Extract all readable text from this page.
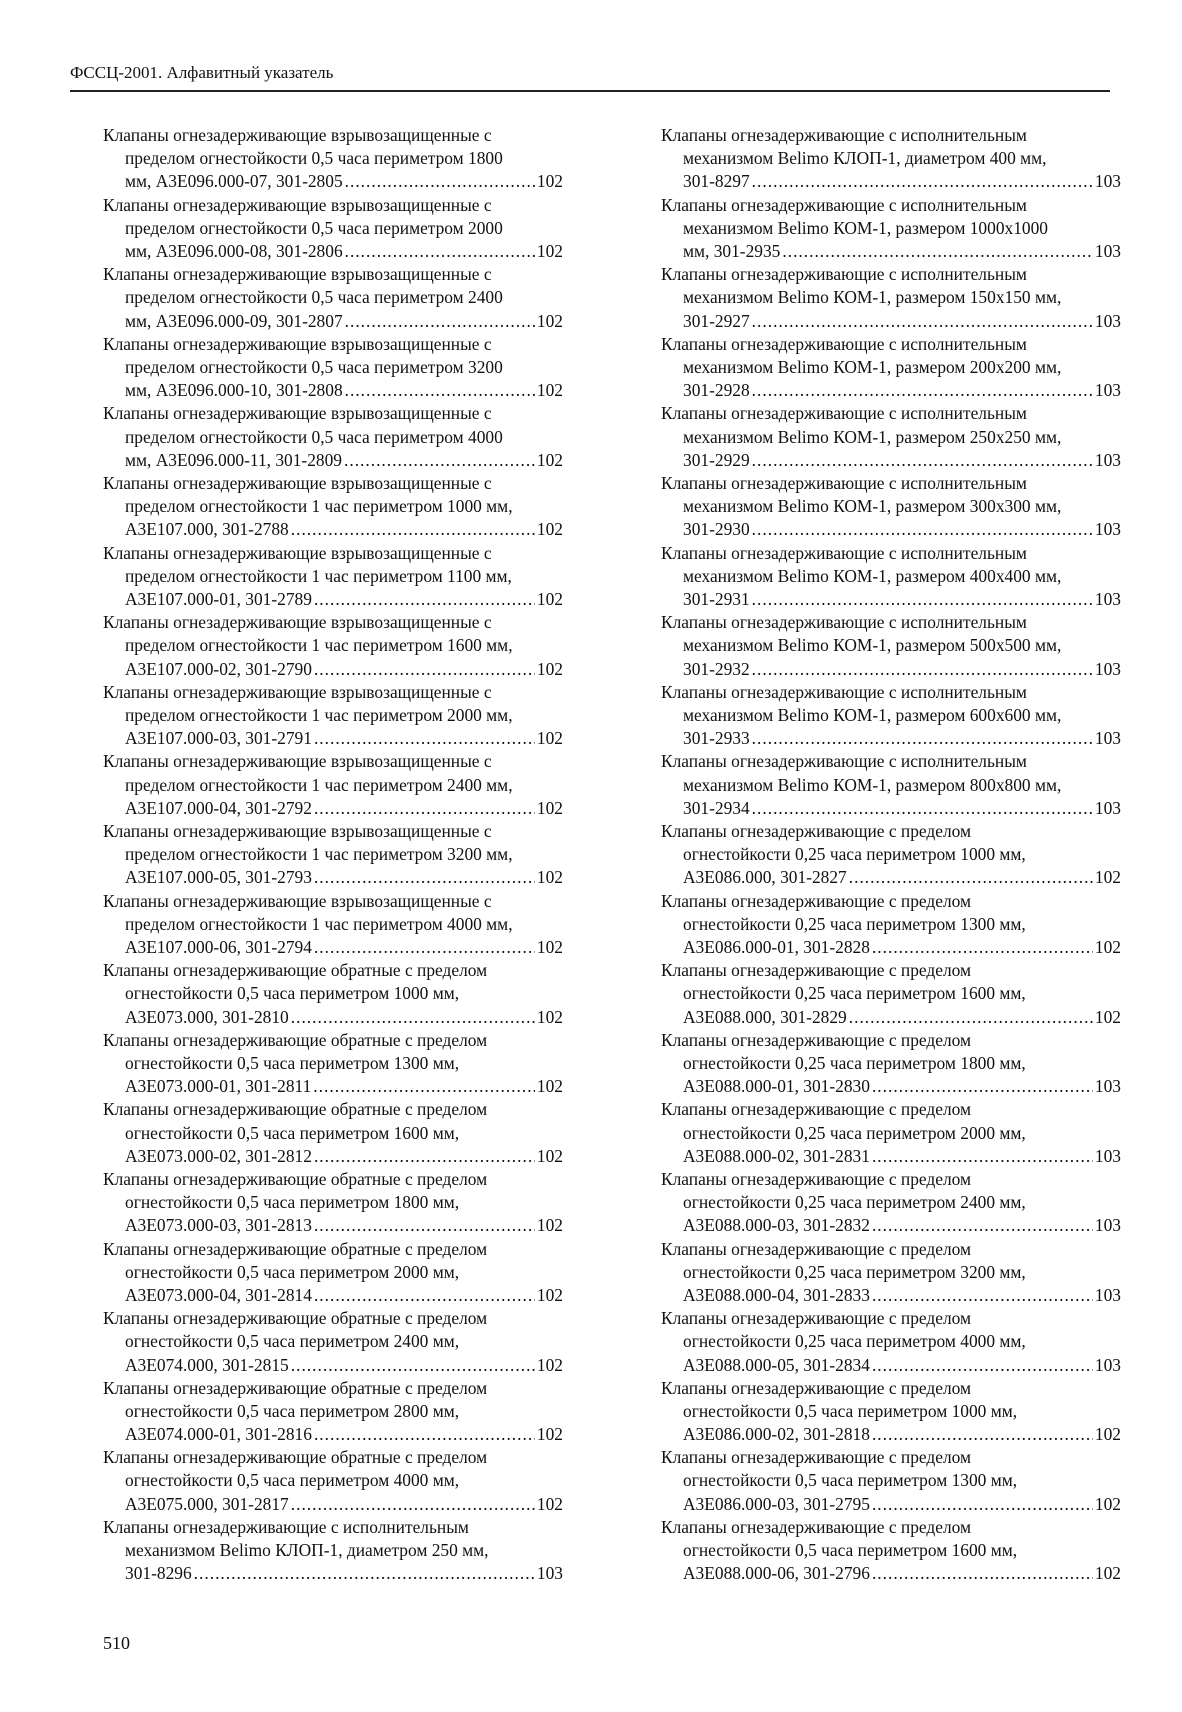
ФССЦ-2001. Алфавитный указатель
Клапаны огнезадерживающие взрывозащищенные с
пределом огнестойкости 0,5 часа периметром 1800
мм, А3Е096.000-07, 301-2805 .....	102
Клапаны огнезадерживающие взрывозащищенные с
пределом огнестойкости 0,5 часа периметром 2000
мм, А3Е096.000-08, 301-2806 .....	102
Клапаны огнезадерживающие взрывозащищенные с
пределом огнестойкости 0,5 часа периметром 2400
мм, А3Е096.000-09, 301-2807 .....	102
Клапаны огнезадерживающие взрывозащищенные с
пределом огнестойкости 0,5 часа периметром 3200
мм, А3Е096.000-10, 301-2808 .....	102
Клапаны огнезадерживающие взрывозащищенные с
пределом огнестойкости 0,5 часа периметром 4000
мм, А3Е096.000-11, 301-2809 .....	102
Клапаны огнезадерживающие взрывозащищенные с
пределом огнестойкости 1 час периметром 1000 мм,
А3Е107.000, 301-2788 .....	102
Клапаны огнезадерживающие взрывозащищенные с
пределом огнестойкости 1 час периметром 1100 мм,
А3Е107.000-01, 301-2789 .....	102
Клапаны огнезадерживающие взрывозащищенные с
пределом огнестойкости 1 час периметром 1600 мм,
А3Е107.000-02, 301-2790 .....	102
Клапаны огнезадерживающие взрывозащищенные с
пределом огнестойкости 1 час периметром 2000 мм,
А3Е107.000-03, 301-2791 .....	102
Клапаны огнезадерживающие взрывозащищенные с
пределом огнестойкости 1 час периметром 2400 мм,
А3Е107.000-04, 301-2792 .....	102
Клапаны огнезадерживающие взрывозащищенные с
пределом огнестойкости 1 час периметром 3200 мм,
А3Е107.000-05, 301-2793 .....	102
Клапаны огнезадерживающие взрывозащищенные с
пределом огнестойкости 1 час периметром 4000 мм,
А3Е107.000-06, 301-2794 .....	102
Клапаны огнезадерживающие обратные с пределом
огнестойкости 0,5 часа периметром 1000 мм,
А3Е073.000, 301-2810 .....	102
Клапаны огнезадерживающие обратные с пределом
огнестойкости 0,5 часа периметром 1300 мм,
А3Е073.000-01, 301-2811 .....	102
Клапаны огнезадерживающие обратные с пределом
огнестойкости 0,5 часа периметром 1600 мм,
А3Е073.000-02, 301-2812 .....	102
Клапаны огнезадерживающие обратные с пределом
огнестойкости 0,5 часа периметром 1800 мм,
А3Е073.000-03, 301-2813 .....	102
Клапаны огнезадерживающие обратные с пределом
огнестойкости 0,5 часа периметром 2000 мм,
А3Е073.000-04, 301-2814 .....	102
Клапаны огнезадерживающие обратные с пределом
огнестойкости 0,5 часа периметром 2400 мм,
А3Е074.000, 301-2815 .....	102
Клапаны огнезадерживающие обратные с пределом
огнестойкости 0,5 часа периметром 2800 мм,
А3Е074.000-01, 301-2816 .....	102
Клапаны огнезадерживающие обратные с пределом
огнестойкости 0,5 часа периметром 4000 мм,
А3Е075.000, 301-2817 .....	102
Клапаны огнезадерживающие с исполнительным
механизмом Belimo КЛОП-1, диаметром 250 мм,
301-8296 .....	103
Клапаны огнезадерживающие с исполнительным
механизмом Belimo КЛОП-1, диаметром 400 мм,
301-8297 .....	103
Клапаны огнезадерживающие с исполнительным
механизмом Belimo КОМ-1, размером 1000х1000
мм, 301-2935 .....	103
Клапаны огнезадерживающие с исполнительным
механизмом Belimo КОМ-1, размером 150х150 мм,
301-2927 .....	103
Клапаны огнезадерживающие с исполнительным
механизмом Belimo КОМ-1, размером 200х200 мм,
301-2928 .....	103
Клапаны огнезадерживающие с исполнительным
механизмом Belimo КОМ-1, размером 250х250 мм,
301-2929 .....	103
Клапаны огнезадерживающие с исполнительным
механизмом Belimo КОМ-1, размером 300х300 мм,
301-2930 .....	103
Клапаны огнезадерживающие с исполнительным
механизмом Belimo КОМ-1, размером 400х400 мм,
301-2931 .....	103
Клапаны огнезадерживающие с исполнительным
механизмом Belimo КОМ-1, размером 500х500 мм,
301-2932 .....	103
Клапаны огнезадерживающие с исполнительным
механизмом Belimo КОМ-1, размером 600х600 мм,
301-2933 .....	103
Клапаны огнезадерживающие с исполнительным
механизмом Belimo КОМ-1, размером 800х800 мм,
301-2934 .....	103
Клапаны огнезадерживающие с пределом
огнестойкости 0,25 часа периметром 1000 мм,
А3Е086.000, 301-2827 .....	102
Клапаны огнезадерживающие с пределом
огнестойкости 0,25 часа периметром 1300 мм,
А3Е086.000-01, 301-2828 .....	102
Клапаны огнезадерживающие с пределом
огнестойкости 0,25 часа периметром 1600 мм,
А3Е088.000, 301-2829 .....	102
Клапаны огнезадерживающие с пределом
огнестойкости 0,25 часа периметром 1800 мм,
А3Е088.000-01, 301-2830 .....	103
Клапаны огнезадерживающие с пределом
огнестойкости 0,25 часа периметром 2000 мм,
А3Е088.000-02, 301-2831 .....	103
Клапаны огнезадерживающие с пределом
огнестойкости 0,25 часа периметром 2400 мм,
А3Е088.000-03, 301-2832 .....	103
Клапаны огнезадерживающие с пределом
огнестойкости 0,25 часа периметром 3200 мм,
А3Е088.000-04, 301-2833 .....	103
Клапаны огнезадерживающие с пределом
огнестойкости 0,25 часа периметром 4000 мм,
А3Е088.000-05, 301-2834 .....	103
Клапаны огнезадерживающие с пределом
огнестойкости 0,5 часа периметром 1000 мм,
А3Е086.000-02, 301-2818 .....	102
Клапаны огнезадерживающие с пределом
огнестойкости 0,5 часа периметром 1300 мм,
А3Е086.000-03, 301-2795 .....	102
Клапаны огнезадерживающие с пределом
огнестойкости 0,5 часа периметром 1600 мм,
А3Е088.000-06, 301-2796 .....	102
510
